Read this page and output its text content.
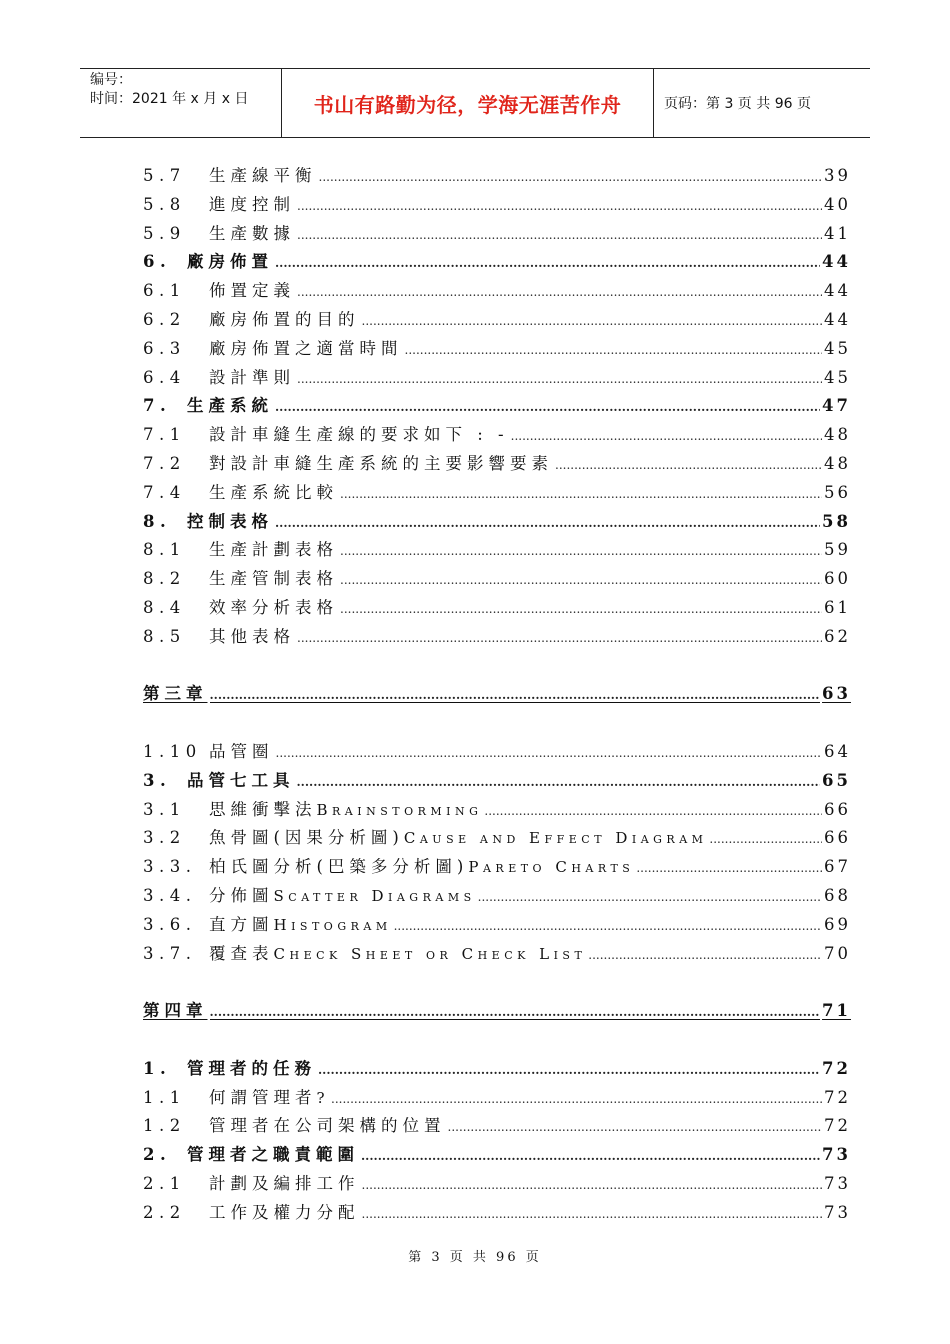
编号：
时间：2021 年 x 月 x 日	书山有路勤为径，学海无涯苦作舟	页码：第 3 页 共 96 页
5.7	生產線平衡 .....	39
5.8	進度控制 .....	40
5.9	生產數據 .....	41
6. 廠房佈置 .....	44
6.1	佈置定義 .....	44
6.2	廠房佈置的目的 .....	44
6.3	廠房佈置之適當時間 .....	45
6.4	設計準則 .....	45
7. 生產系統 .....	47
7.1	設計車縫生產線的要求如下 : - .....	48
7.2	對設計車縫生產系統的主要影響要素 .....	48
7.4	生產系統比較 .....	56
8. 控制表格 .....	58
8.1	生產計劃表格 .....	59
8.2	生產管制表格 .....	60
8.4	效率分析表格 .....	61
8.5	其他表格 .....	62
第三章 .....	63
1.10 品管圈 .....	64
3. 品管七工具 .....	65
3.1	思維衝擊法 Brainstorming .....	66
3.2	魚骨圖(因果分析圖) Cause and Effect Diagram .....	66
3.3. 柏氏圖分析(巴築多分析圖) Pareto Charts .....	67
3.4. 分佈圖 Scatter Diagrams .....	68
3.6. 直方圖 Histogram .....	69
3.7. 覆查表 Check Sheet or Check List .....	70
第四章 .....	71
1. 管理者的任務 .....	72
1.1	何謂管理者 ? .....	72
1.2	管理者在公司架構的位置 .....	72
2. 管理者之職責範圍 .....	73
2.1	計劃及編排工作 .....	73
2.2	工作及權力分配 .....	73
第 3 页 共 96 页
